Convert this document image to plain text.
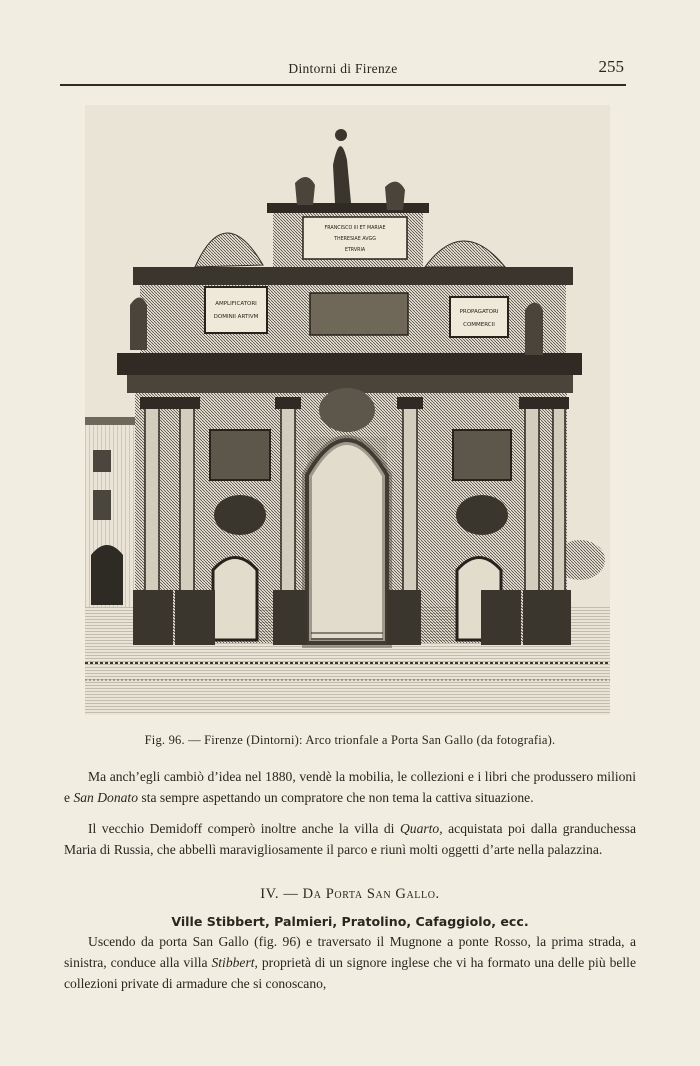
Dintorni di Firenze	255
AMPLIFICATORI
DOMINII ARTIVM
PROPAGATORI
COMMERCII
FRANCISCO III ET MARIAE
THERESIAE AVGG
ETRVRIA
Fig. 96. — Firenze (Dintorni): Arco trionfale a Porta San Gallo (da fotografia).

Ma anch’egli cambiò d’idea nel 1880, vendè la mobilia, le collezioni e i libri che produssero milioni e San Donato sta sempre aspettando un compratore che non tema la cattiva situazione.

Il vecchio Demidoff comperò inoltre anche la villa di Quarto, acquistata poi dalla granduchessa Maria di Russia, che abbellì maravigliosamente il parco e riunì molti oggetti d’arte nella palazzina.

IV. — Da Porta San Gallo.
Ville Stibbert, Palmieri, Pratolino, Cafaggiolo, ecc.

Uscendo da porta San Gallo (fig. 96) e traversato il Mugnone a ponte Rosso, la prima strada, a sinistra, conduce alla villa Stibbert, proprietà di un signore inglese che vi ha formato una delle più belle collezioni private di armadure che si conoscano,
